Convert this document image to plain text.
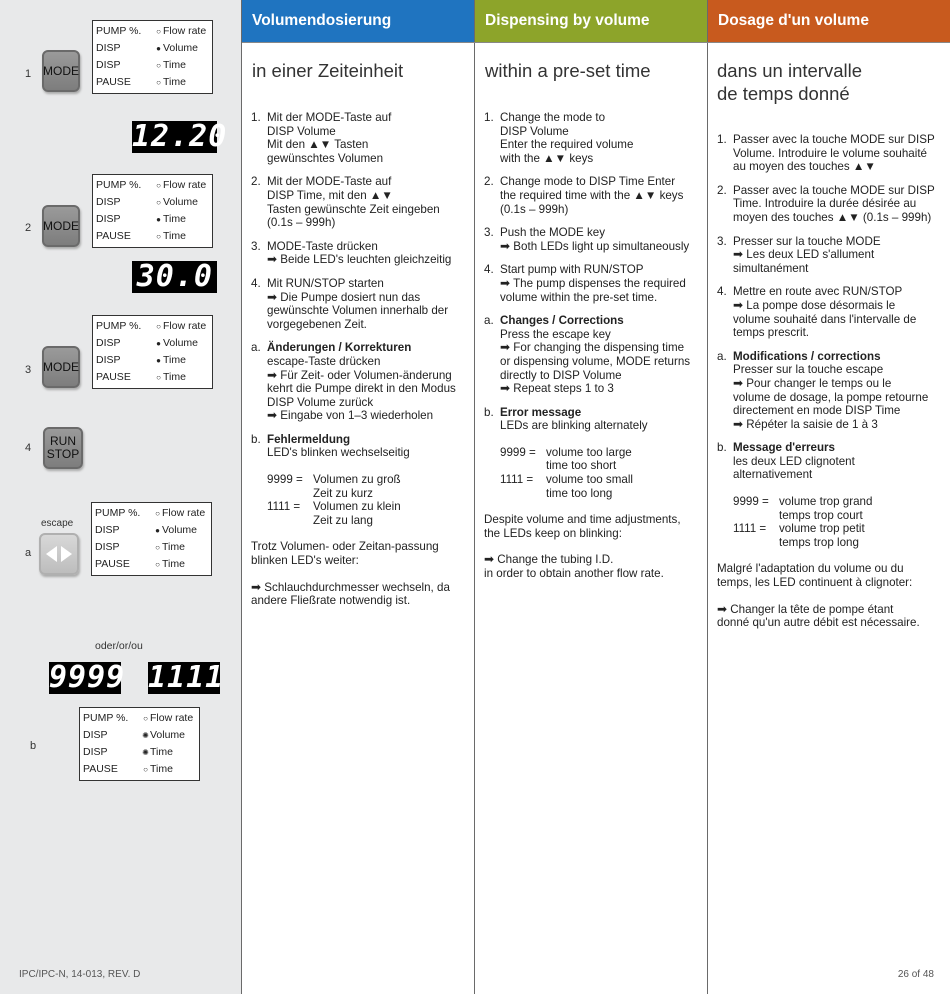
1 MODE
PUMP %.	○ Flow rate
DISP	● Volume
DISP	○ Time
PAUSE	○ Time
12.20
2 MODE
PUMP %.	○ Flow rate
DISP	○ Volume
DISP	● Time
PAUSE	○ Time
30.0
3 MODE
PUMP %.	○ Flow rate
DISP	● Volume
DISP	● Time
PAUSE	○ Time
4	RUN STOP
escape
a
PUMP %.	○ Flow rate
DISP	● Volume
DISP	○ Time
PAUSE	○ Time
oder/or/ou
9999 1111
b
PUMP %.	○ Flow rate
DISP	✺ Volume
DISP	✺ Time
PAUSE	○ Time
Volumendosierung	Dispensing by volume	Dosage d'un volume
in einer Zeiteinheit
1. Mit der MODE-Taste auf

DISP Volume

Mit den ▲▼ Tasten

gewünschtes Volumen

2. Mit der MODE-Taste auf

DISP Time, mit den ▲▼

Tasten gewünschte Zeit eingeben

(0.1s – 999h)

3. MODE-Taste drücken

➡ Beide LED's leuchten gleichzeitig

4. Mit RUN/STOP starten

➡ Die Pumpe dosiert nun das

gewünschte Volumen innerhalb der

vorgegebenen Zeit.

a. Änderungen / Korrekturen

escape-Taste drücken

➡ Für Zeit- oder Volumen-änderung

kehrt die Pumpe direkt in den Modus

DISP Volume zurück

➡ Eingabe von 1–3 wiederholen

b. Fehlermeldung

LED's blinken wechselseitig

9999 = Volumen zu groß
Zeit zu kurz
1111 =	Volumen zu klein
Zeit zu lang

Trotz Volumen- oder Zeitan-passung

blinken LED's weiter:

➡ Schlauchdurchmesser wechseln, da

andere Fließrate notwendig ist.

within a pre-set time
1. Change the mode to

DISP Volume

Enter the required volume

with the ▲▼ keys

2. Change mode to DISP Time Enter

the required time with the ▲▼ keys

(0.1s – 999h)

3. Push the MODE key

➡ Both LEDs light up simultaneously

4. Start pump with RUN/STOP

➡ The pump dispenses the required

volume within the pre-set time.

a. Changes / Corrections

Press the escape key

➡ For changing the dispensing time

or dispensing volume, MODE returns

directly to DISP Volume

➡ Repeat steps 1 to 3

b. Error message

LEDs are blinking alternately

9999 = volume too large
time too short
1111 =	volume too small
time too long

Despite volume and time adjustments,

the LEDs keep on blinking:

➡ Change the tubing I.D.

in order to obtain another flow rate.

dans un intervalle
de temps donné
1. Passer avec la touche MODE sur DISP

Volume. Introduire le volume souhaité

au moyen des touches ▲▼

2. Passer avec la touche MODE sur DISP

Time. Introduire la durée désirée au

moyen des touches ▲▼ (0.1s – 999h)

3. Presser sur la touche MODE

➡ Les deux LED s'allument

simultanément

4. Mettre en route avec RUN/STOP

➡ La pompe dose désormais le

volume souhaité dans l'intervalle de

temps prescrit.

a. Modifications / corrections

Presser sur la touche escape

➡ Pour changer le temps ou le

volume de dosage, la pompe retourne

directement en mode DISP Time

➡ Répéter la saisie de 1 à 3

b. Message d'erreurs

les deux LED clignotent

alternativement

9999 = volume trop grand
temps trop court
1111 =	volume trop petit
temps trop long

Malgré l'adaptation du volume ou du

temps, les LED continuent à clignoter:

➡ Changer la tête de pompe étant

donné qu'un autre débit est nécessaire.

IPC/IPC-N, 14-013, REV. D	26 of 48
